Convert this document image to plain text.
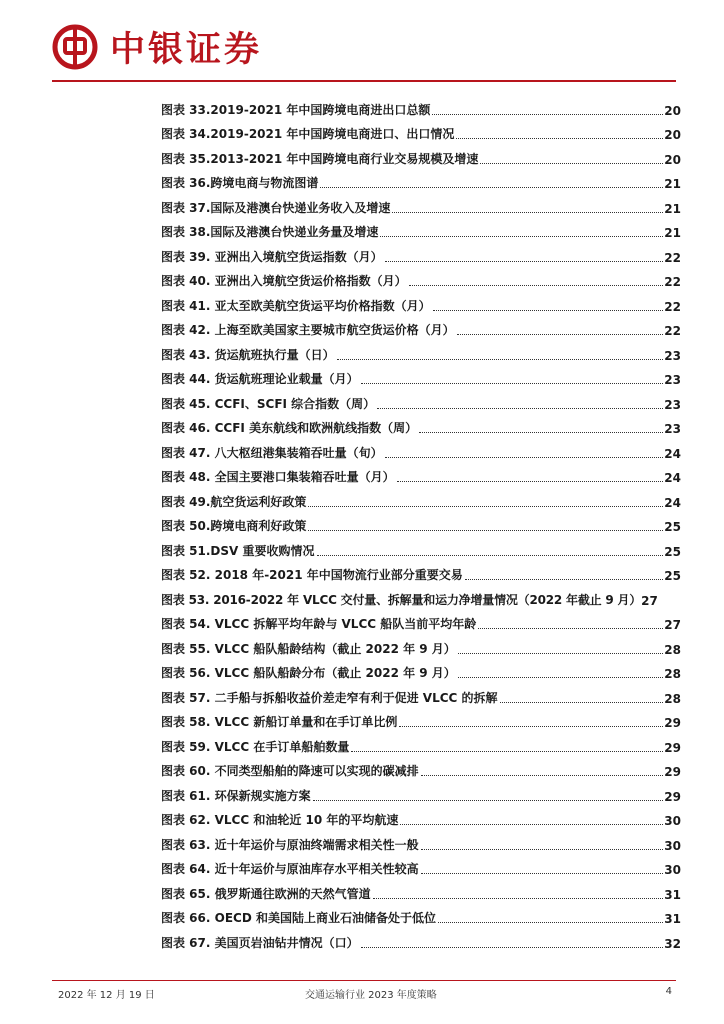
中银证券
图表 33.2019-2021 年中国跨境电商进出口总额	20
图表 34.2019-2021 年中国跨境电商进口、出口情况	20
图表 35.2013-2021 年中国跨境电商行业交易规模及增速	20
图表 36.跨境电商与物流图谱	21
图表 37.国际及港澳台快递业务收入及增速	21
图表 38.国际及港澳台快递业务量及增速	21
图表 39. 亚洲出入境航空货运指数（月）	22
图表 40. 亚洲出入境航空货运价格指数（月）	22
图表 41. 亚太至欧美航空货运平均价格指数（月）	22
图表 42. 上海至欧美国家主要城市航空货运价格（月）	22
图表 43. 货运航班执行量（日）	23
图表 44. 货运航班理论业载量（月）	23
图表 45. CCFI、SCFI 综合指数（周）	23
图表 46. CCFI 美东航线和欧洲航线指数（周）	23
图表 47. 八大枢纽港集装箱吞吐量（旬）	24
图表 48. 全国主要港口集装箱吞吐量（月）	24
图表 49.航空货运利好政策	24
图表 50.跨境电商利好政策	25
图表 51.DSV 重要收购情况	25
图表 52. 2018 年-2021 年中国物流行业部分重要交易	25
图表 53. 2016-2022 年 VLCC 交付量、拆解量和运力净增量情况（2022 年截止 9 月） 27
图表 54. VLCC 拆解平均年龄与 VLCC 船队当前平均年龄	27
图表 55. VLCC 船队船龄结构（截止 2022 年 9 月）	28
图表 56. VLCC 船队船龄分布（截止 2022 年 9 月）	28
图表 57. 二手船与拆船收益价差走窄有利于促进 VLCC 的拆解	28
图表 58. VLCC 新船订单量和在手订单比例	29
图表 59. VLCC 在手订单船舶数量	29
图表 60. 不同类型船舶的降速可以实现的碳减排	29
图表 61. 环保新规实施方案	29
图表 62. VLCC 和油轮近 10 年的平均航速	30
图表 63. 近十年运价与原油终端需求相关性一般	30
图表 64. 近十年运价与原油库存水平相关性较高	30
图表 65. 俄罗斯通往欧洲的天然气管道	31
图表 66. OECD 和美国陆上商业石油储备处于低位	31
图表 67. 美国页岩油钻井情况（口）	32
2022 年 12 月 19 日	交通运输行业 2023 年度策略	4
